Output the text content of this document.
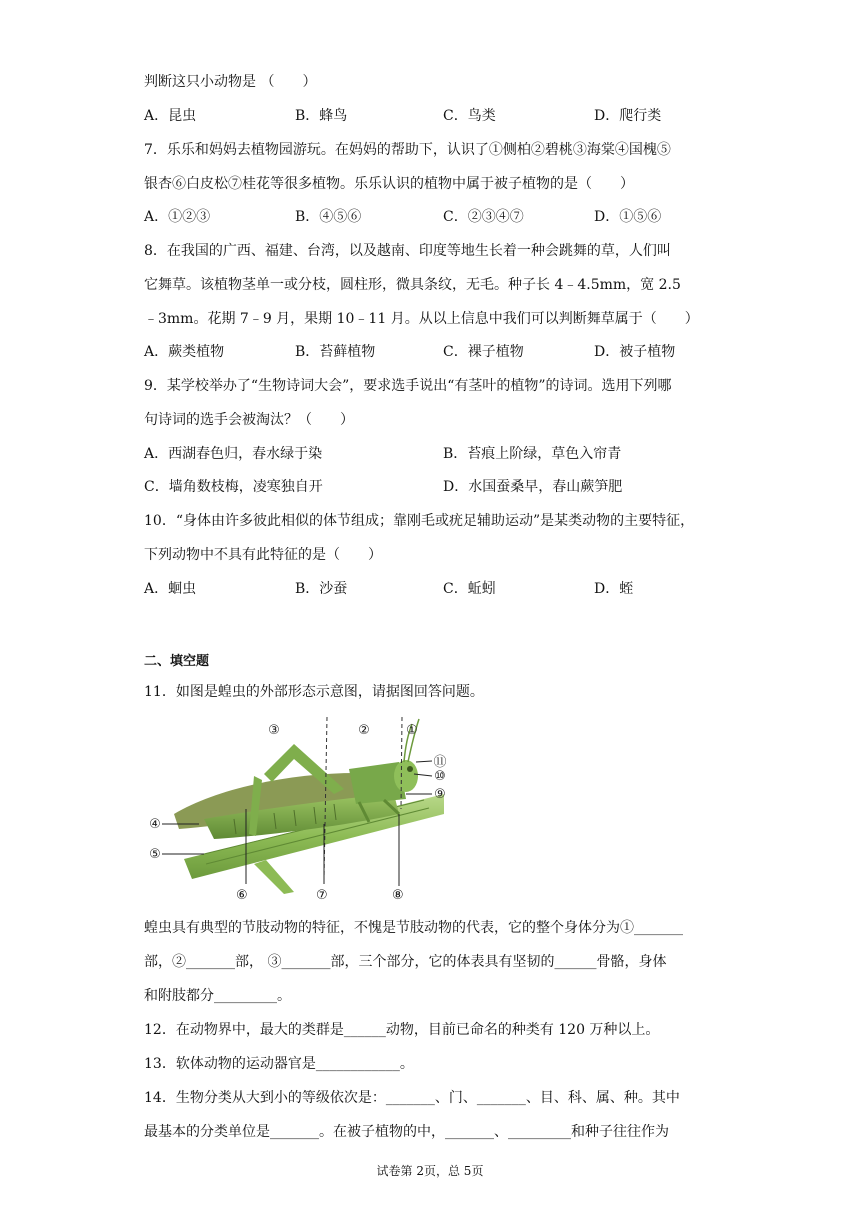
判断这只小动物是 （　　）
A．昆虫	B．蜂鸟	C．鸟类	D．爬行类
7．乐乐和妈妈去植物园游玩。在妈妈的帮助下，认识了①侧柏②碧桃③海棠④国槐⑤
银杏⑥白皮松⑦桂花等很多植物。乐乐认识的植物中属于被子植物的是（　　）
A．①②③	B．④⑤⑥	C．②③④⑦	D．①⑤⑥
8．在我国的广西、福建、台湾，以及越南、印度等地生长着一种会跳舞的草，人们叫
它舞草。该植物茎单一或分枝，圆柱形，微具条纹，无毛。种子长 4﹣4.5mm，宽 2.5
﹣3mm。花期 7﹣9 月，果期 10﹣11 月。从以上信息中我们可以判断舞草属于（　　）
A．蕨类植物	B．苔藓植物	C．裸子植物	D．被子植物
9．某学校举办了“生物诗词大会”，要求选手说出“有茎叶的植物”的诗词。选用下列哪
句诗词的选手会被淘汰？（　　）
A．西湖春色归，春水绿于染	B．苔痕上阶绿，草色入帘青
C．墙角数枝梅，凌寒独自开	D．水国蚕桑早，春山蕨笋肥
10．“身体由许多彼此相似的体节组成；靠刚毛或疣足辅助运动”是某类动物的主要特征，
下列动物中不具有此特征的是（　　）
A．蛔虫	B．沙蚕	C．蚯蚓	D．蛭
二、填空题
11．如图是蝗虫的外部形态示意图，请据图回答问题。
③	②	①
⑪
⑩
⑨
④
⑤
⑥	⑦	⑧
蝗虫具有典型的节肢动物的特征，不愧是节肢动物的代表，它的整个身体分为①_______
部，②_______部， ③_______部，三个部分，它的体表具有坚韧的______骨骼，身体
和附肢都分_________。
12．在动物界中，最大的类群是______动物，目前已命名的种类有 120 万种以上。
13．软体动物的运动器官是____________。
14．生物分类从大到小的等级依次是：_______、门、_______、目、科、属、种。其中
最基本的分类单位是_______。在被子植物的中，_______、_________和种子往往作为
试卷第 2页，总 5页
